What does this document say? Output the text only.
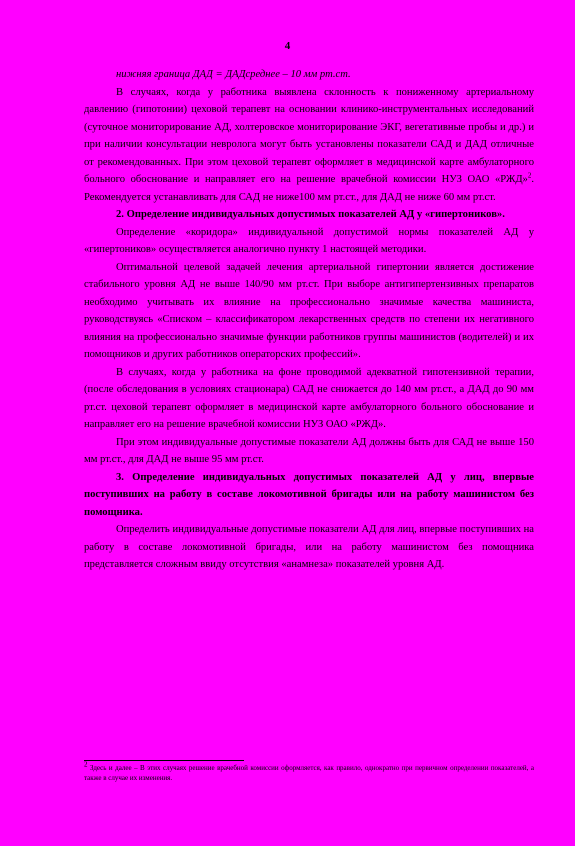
4

нижняя граница ДАД = ДАДсреднее – 10 мм рт.ст.

В случаях, когда у работника выявлена склонность к пониженному артериальному давлению (гипотонии) цеховой терапевт на основании клинико-инструментальных исследований (суточное мониторирование АД, холтеровское мониторирование ЭКГ, вегетативные пробы и др.) и при наличии консультации невролога могут быть установлены показатели САД и ДАД отличные от рекомендованных. При этом цеховой терапевт оформляет в медицинской карте амбулаторного больного обоснование и направляет его на решение врачебной комиссии НУЗ ОАО «РЖД»$^2$. Рекомендуется устанавливать для САД не ниже100 мм рт.ст., для ДАД не ниже 60 мм рт.ст.

2. Определение индивидуальных допустимых показателей АД у «гипертоников».

Определение «коридора» индивидуальной допустимой нормы показателей АД у «гипертоников» осуществляется аналогично пункту 1 настоящей методики.

Оптимальной целевой задачей лечения артериальной гипертонии является достижение стабильного уровня АД не выше 140/90 мм рт.ст. При выборе антигипертензивных препаратов необходимо учитывать их влияние на профессионально значимые качества машиниста, руководствуясь «Списком – классификатором лекарственных средств по степени их негативного влияния на профессионально значимые функции работников группы машинистов (водителей) и их помощников и других работников операторских профессий».

В случаях, когда у работника на фоне проводимой адекватной гипотензивной терапии, (после обследования в условиях стационара) САД не снижается до 140 мм рт.ст., а ДАД до 90 мм рт.ст. цеховой терапевт оформляет в медицинской карте амбулаторного больного обоснование и направляет его на решение врачебной комиссии НУЗ ОАО «РЖД».

При этом индивидуальные допустимые показатели АД должны быть для САД не выше 150 мм рт.ст., для ДАД не выше 95 мм рт.ст.

3. Определение индивидуальных допустимых показателей АД у лиц, впервые поступивших на работу в составе локомотивной бригады или на работу машинистом без помощника.

Определить индивидуальные допустимые показатели АД для лиц, впервые поступивших на работу в составе локомотивной бригады, или на работу машинистом без помощника представляется сложным ввиду отсутствия «анамнеза» показателей уровня АД.

$^2$ Здесь и далее – В этих случаях решение врачебной комиссии оформляется, как правило, однократно при первичном определении показателей, а также в случае их изменения.
